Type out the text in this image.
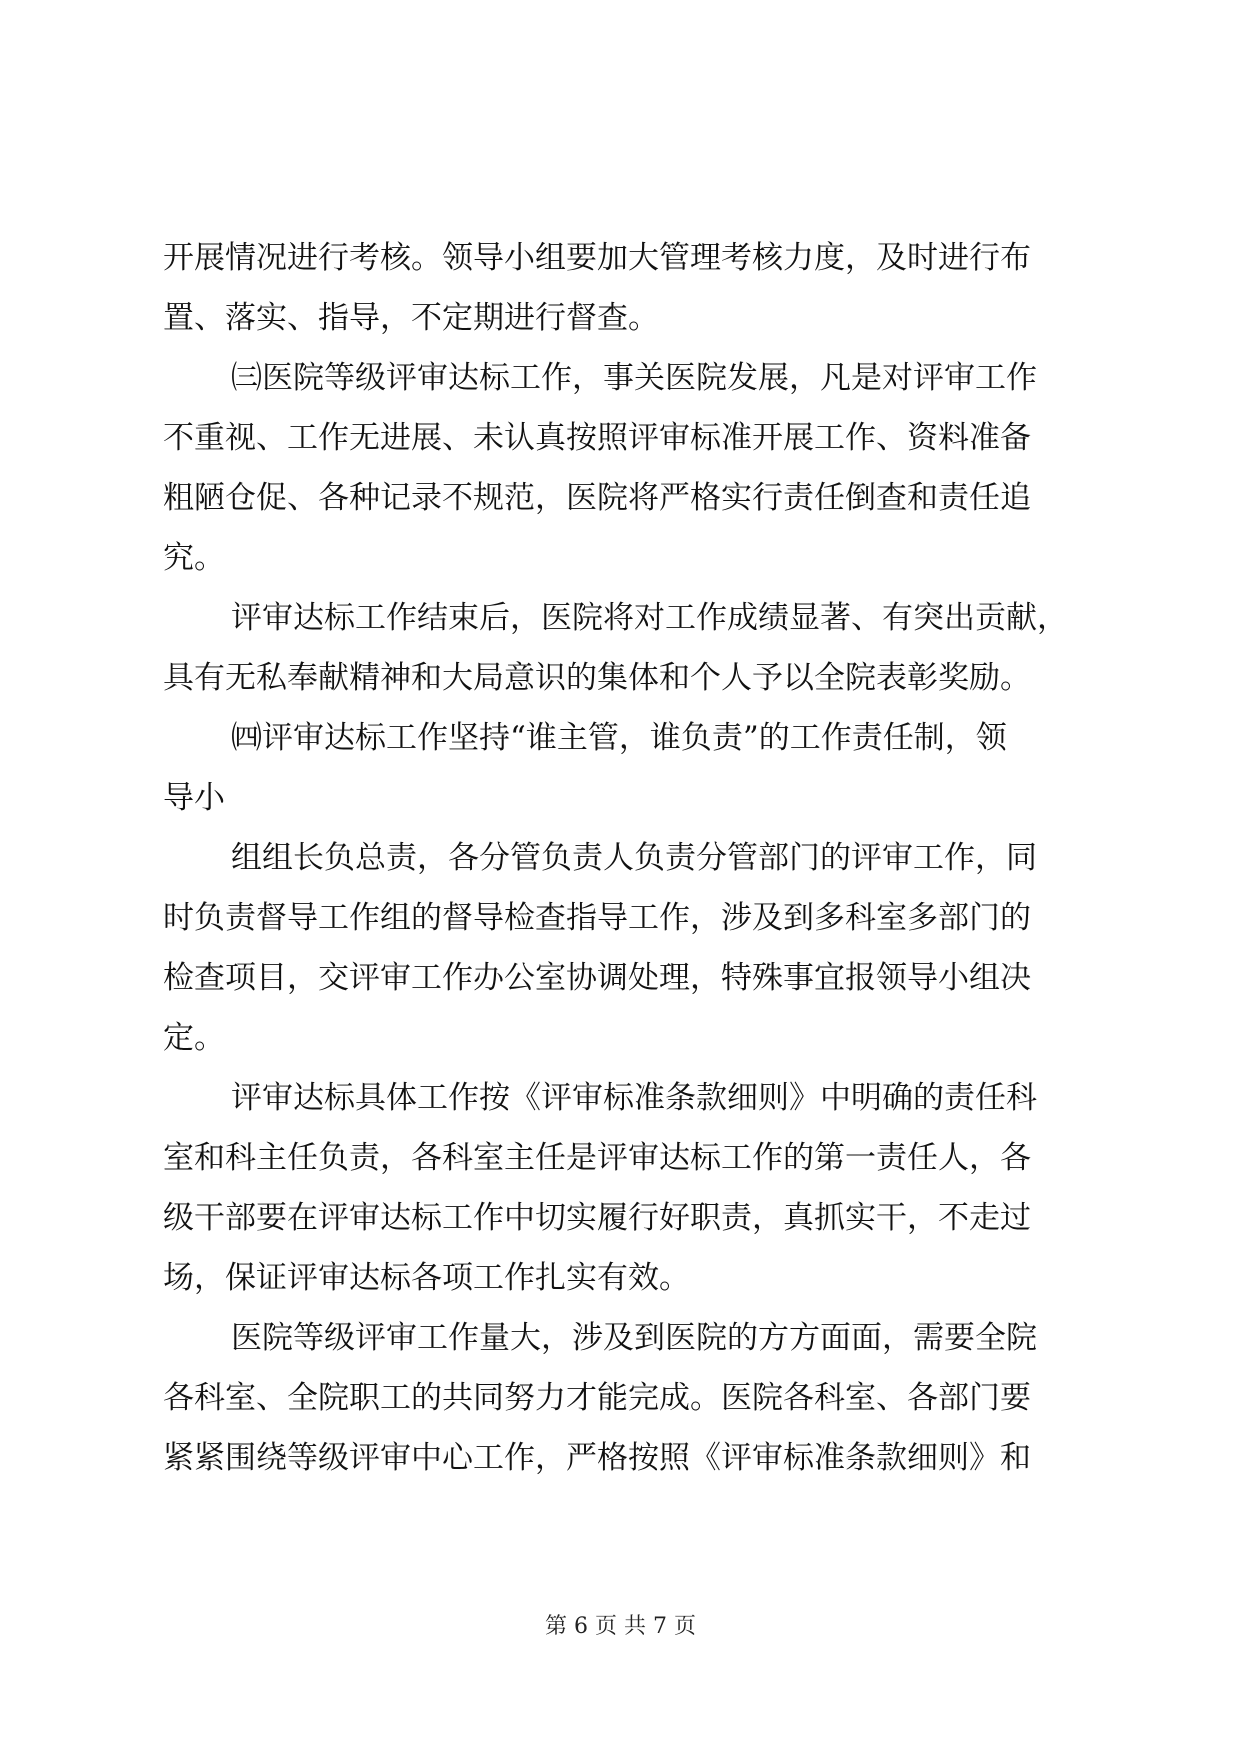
开展情况进行考核。领导小组要加大管理考核力度，及时进行布
置、落实、指导，不定期进行督查。
㈢医院等级评审达标工作，事关医院发展，凡是对评审工作
不重视、工作无进展、未认真按照评审标准开展工作、资料准备
粗陋仓促、各种记录不规范，医院将严格实行责任倒查和责任追
究。
评审达标工作结束后，医院将对工作成绩显著、有突出贡献，
具有无私奉献精神和大局意识的集体和个人予以全院表彰奖励。
㈣评审达标工作坚持“谁主管，谁负责”的工作责任制，领
导小
组组长负总责，各分管负责人负责分管部门的评审工作，同
时负责督导工作组的督导检查指导工作，涉及到多科室多部门的
检查项目，交评审工作办公室协调处理，特殊事宜报领导小组决
定。
评审达标具体工作按《评审标准条款细则》中明确的责任科
室和科主任负责，各科室主任是评审达标工作的第一责任人，各
级干部要在评审达标工作中切实履行好职责，真抓实干，不走过
场，保证评审达标各项工作扎实有效。
医院等级评审工作量大，涉及到医院的方方面面，需要全院
各科室、全院职工的共同努力才能完成。医院各科室、各部门要
紧紧围绕等级评审中心工作，严格按照《评审标准条款细则》和
第 6 页 共 7 页
